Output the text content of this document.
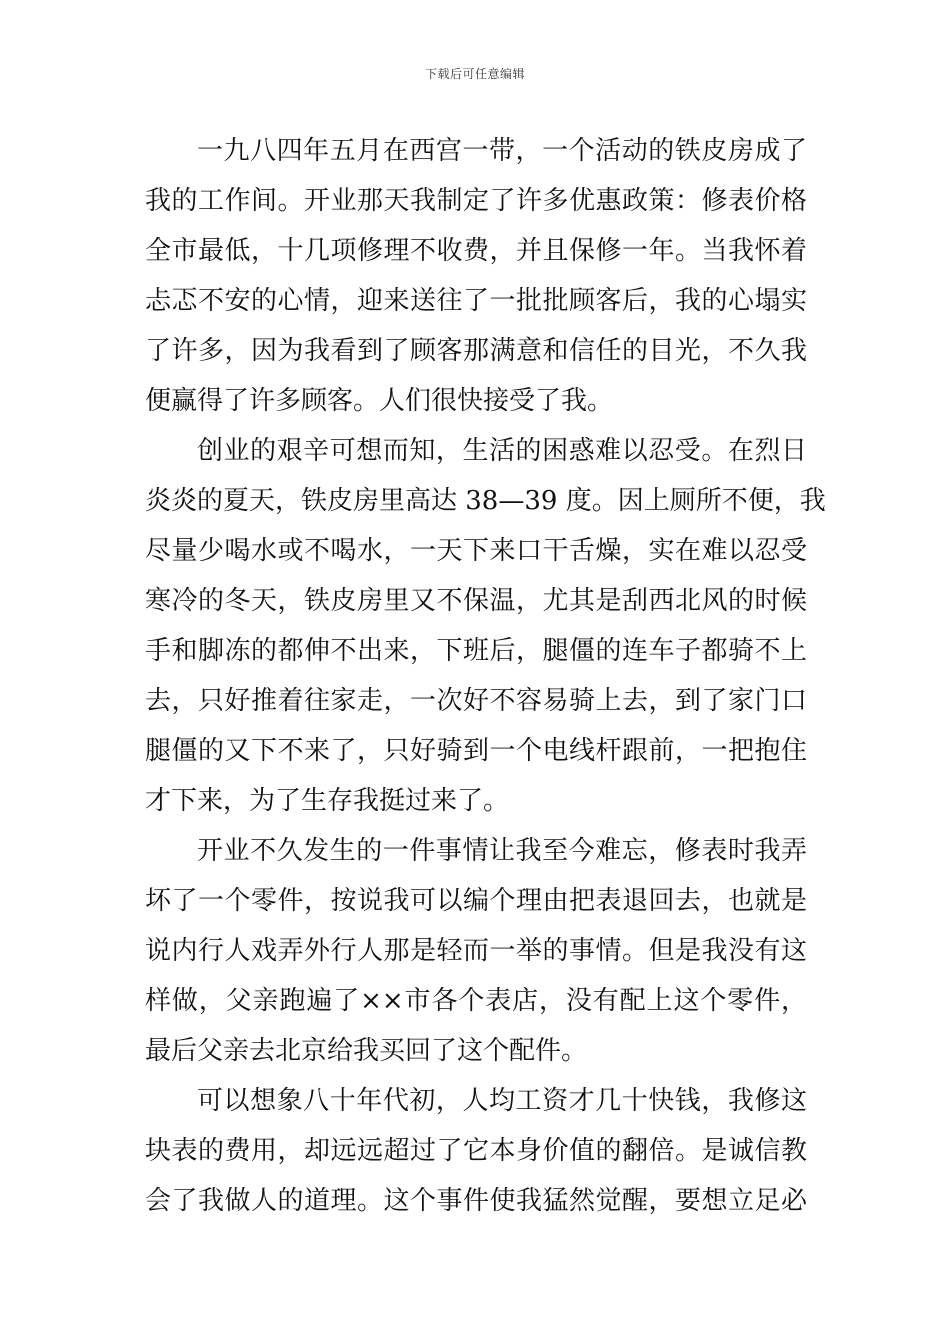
下载后可任意编辑
一九八四年五月在西宫一带，一个活动的铁皮房成了
我的工作间。开业那天我制定了许多优惠政策：修表价格
全市最低，十几项修理不收费，并且保修一年。当我怀着
忐忑不安的心情，迎来送往了一批批顾客后，我的心塌实
了许多，因为我看到了顾客那满意和信任的目光，不久我
便赢得了许多顾客。人们很快接受了我。
创业的艰辛可想而知，生活的困惑难以忍受。在烈日
炎炎的夏天，铁皮房里高达 38—39 度。因上厕所不便，我
尽量少喝水或不喝水，一天下来口干舌燥，实在难以忍受
寒冷的冬天，铁皮房里又不保温，尤其是刮西北风的时候
手和脚冻的都伸不出来，下班后，腿僵的连车子都骑不上
去，只好推着往家走，一次好不容易骑上去，到了家门口
腿僵的又下不来了，只好骑到一个电线杆跟前，一把抱住
才下来，为了生存我挺过来了。
开业不久发生的一件事情让我至今难忘，修表时我弄
坏了一个零件，按说我可以编个理由把表退回去，也就是
说内行人戏弄外行人那是轻而一举的事情。但是我没有这
样做，父亲跑遍了××市各个表店，没有配上这个零件，
最后父亲去北京给我买回了这个配件。
可以想象八十年代初，人均工资才几十快钱，我修这
块表的费用，却远远超过了它本身价值的翻倍。是诚信教
会了我做人的道理。这个事件使我猛然觉醒，要想立足必
